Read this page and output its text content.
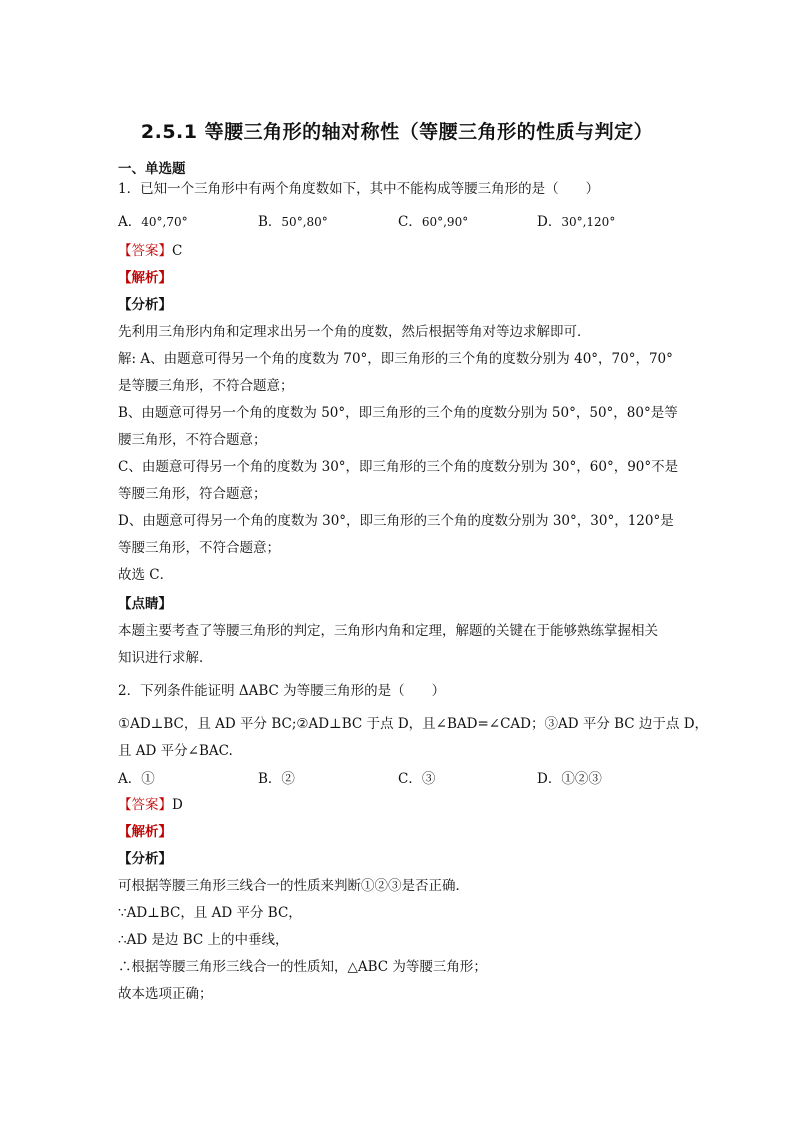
2.5.1 等腰三角形的轴对称性（等腰三角形的性质与判定）
一、单选题
1．已知一个三角形中有两个角度数如下，其中不能构成等腰三角形的是（　　）
A．40°,70°	B．50°,80°	C．60°,90°	D．30°,120°
【答案】C
【解析】
【分析】
先利用三角形内角和定理求出另一个角的度数，然后根据等角对等边求解即可．
解: A、由题意可得另一个角的度数为 70°，即三角形的三个角的度数分别为 40°，70°，70°
是等腰三角形，不符合题意；
B、由题意可得另一个角的度数为 50°，即三角形的三个角的度数分别为 50°，50°，80°是等
腰三角形，不符合题意；
C、由题意可得另一个角的度数为 30°，即三角形的三个角的度数分别为 30°，60°，90°不是
等腰三角形，符合题意；
D、由题意可得另一个角的度数为 30°，即三角形的三个角的度数分别为 30°，30°，120°是
等腰三角形，不符合题意；
故选 C．
【点睛】
本题主要考查了等腰三角形的判定，三角形内角和定理，解题的关键在于能够熟练掌握相关
知识进行求解．
2．下列条件能证明 ΔABC 为等腰三角形的是（　　）
①AD⊥BC，且 AD 平分 BC;②AD⊥BC 于点 D，且∠BAD=∠CAD；③AD 平分 BC 边于点 D，
且 AD 平分∠BAC.
A．①	B．②	C．③	D．①②③
【答案】D
【解析】
【分析】
可根据等腰三角形三线合一的性质来判断①②③是否正确．
∵AD⊥BC，且 AD 平分 BC，
∴AD 是边 BC 上的中垂线，
∴根据等腰三角形三线合一的性质知，△ABC 为等腰三角形；
故本选项正确；
